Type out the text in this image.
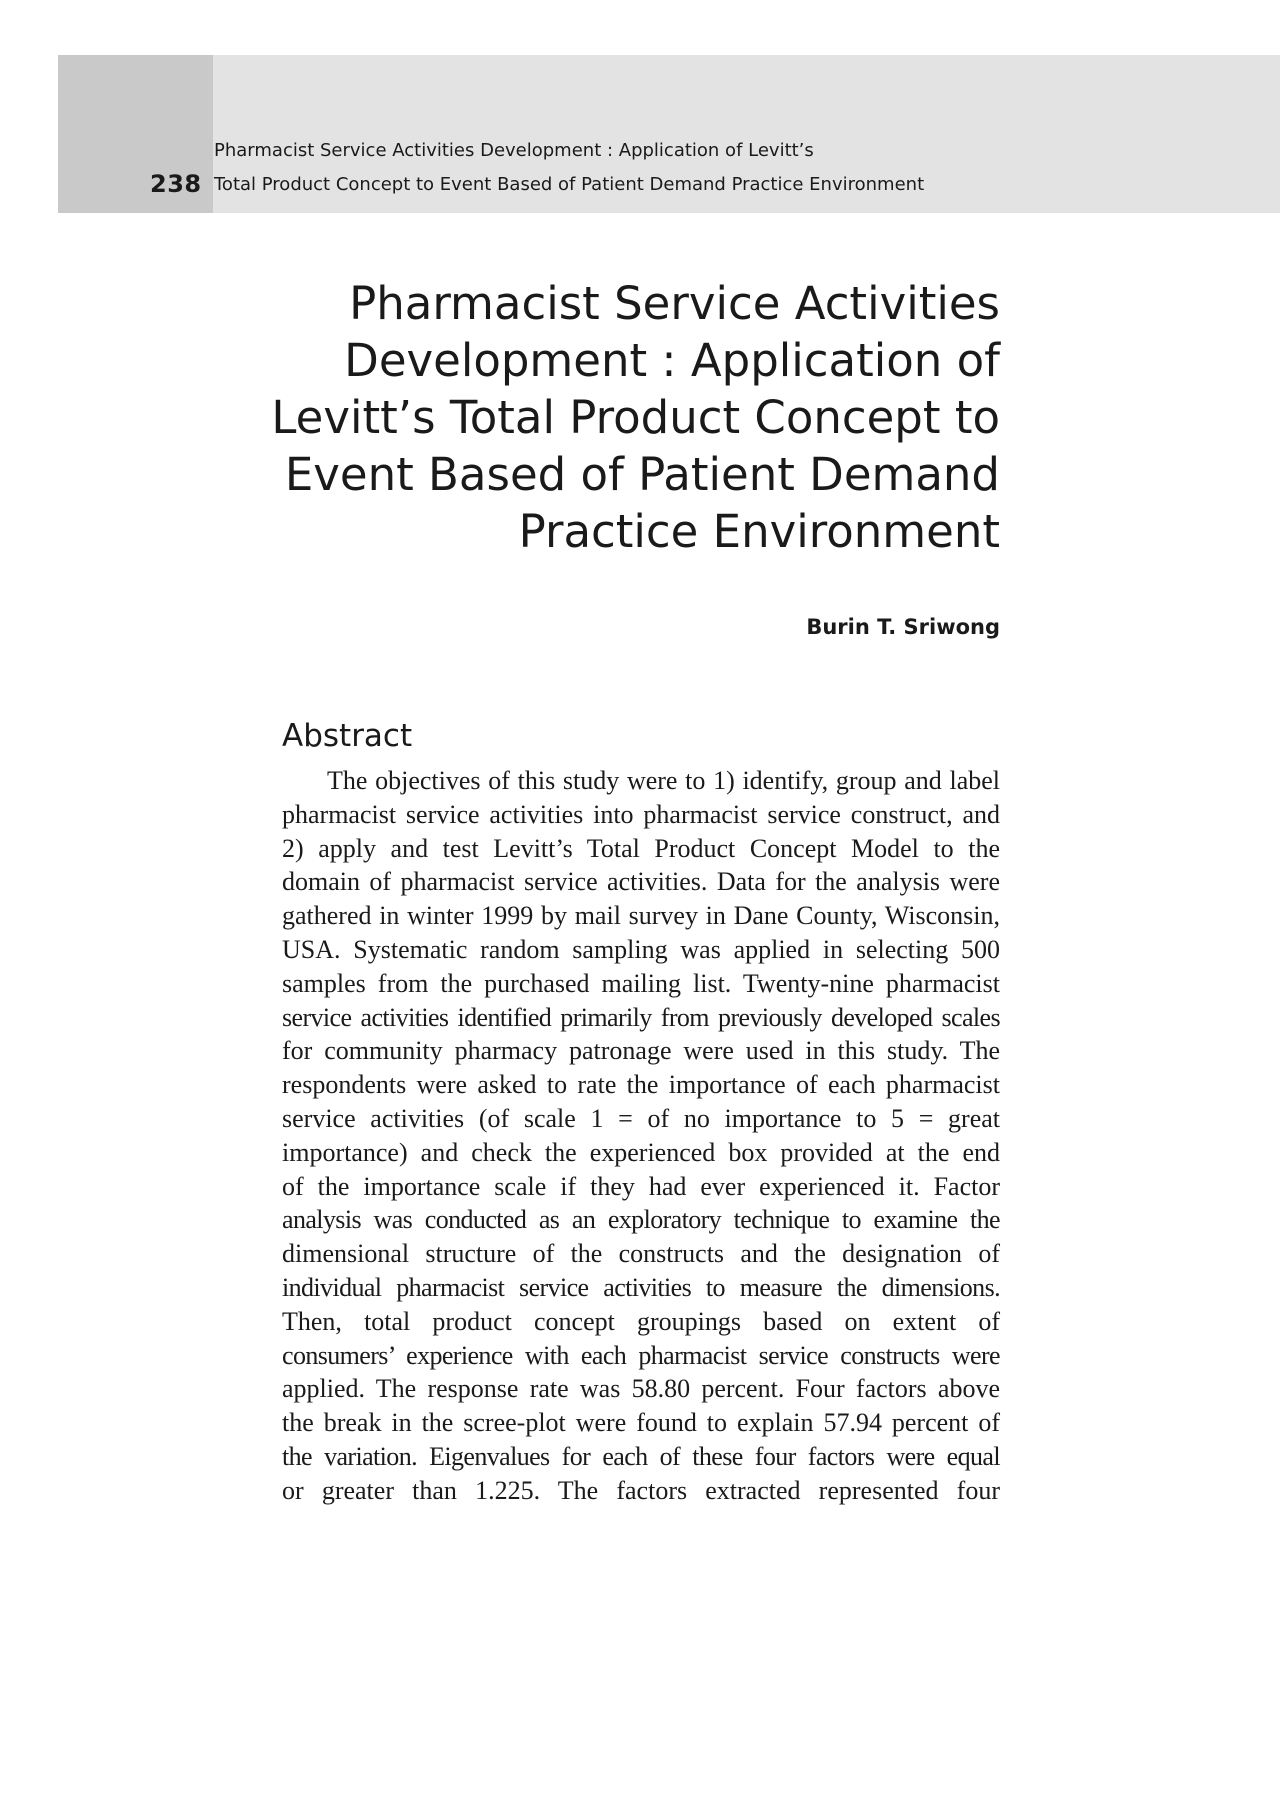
238
Pharmacist Service Activities Development : Application of Levitt’s
Total Product Concept to Event Based of Patient Demand Practice Environment
Pharmacist Service Activities
Development : Application of
Levitt’s Total Product Concept to
Event Based of Patient Demand
Practice Environment
Burin T. Sriwong
Abstract
The objectives of this study were to 1) identify, group and label
pharmacist service activities into pharmacist service construct, and
2) apply and test Levitt’s Total Product Concept Model to the
domain of pharmacist service activities. Data for the analysis were
gathered in winter 1999 by mail survey in Dane County, Wisconsin,
USA. Systematic random sampling was applied in selecting 500
samples from the purchased mailing list. Twenty-nine pharmacist
service activities identified primarily from previously developed scales
for community pharmacy patronage were used in this study. The
respondents were asked to rate the importance of each pharmacist
service activities (of scale 1 = of no importance to 5 = great
importance) and check the experienced box provided at the end
of the importance scale if they had ever experienced it. Factor
analysis was conducted as an exploratory technique to examine the
dimensional structure of the constructs and the designation of
individual pharmacist service activities to measure the dimensions.
Then, total product concept groupings based on extent of
consumers’ experience with each pharmacist service constructs were
applied. The response rate was 58.80 percent. Four factors above
the break in the scree-plot were found to explain 57.94 percent of
the variation. Eigenvalues for each of these four factors were equal
or greater than 1.225. The factors extracted represented four
